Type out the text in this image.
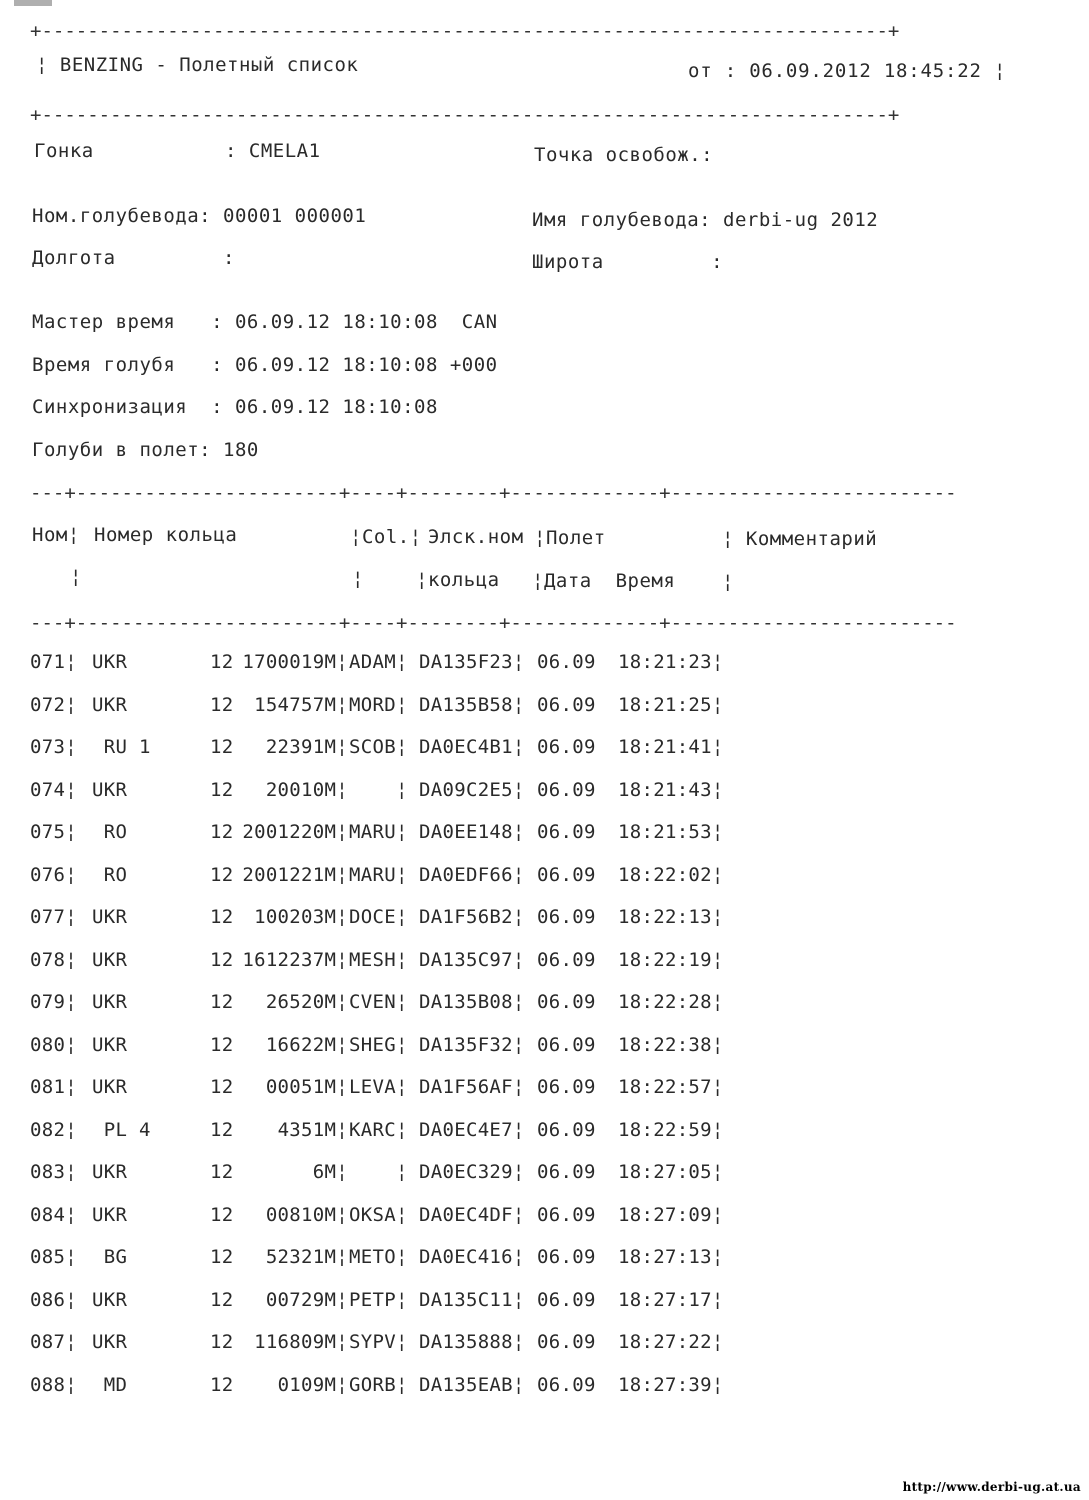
+--------------------------------------------------------------------------+
¦ BENZING - Полетный список	от : 06.09.2012 18:45:22 ¦
+--------------------------------------------------------------------------+
Гонка           : CMELA1	Точка освобож.:
Ном.голубевода: 00001 000001	Имя голубевода: derbi-ug 2012
Долгота         :	Широта         :
Мастер время   : 06.09.12 18:10:08  CAN
Время голубя   : 06.09.12 18:10:08 +000
Синхронизация  : 06.09.12 18:10:08
Голуби в полет: 180
---+-----------------------+----+--------+-------------+-------------------------
Ном¦ Номер кольца	¦Col.¦ Элск.ном ¦Полет	¦ Комментарий
¦	¦	¦кольца ¦Дата  Время ¦
---+-----------------------+----+--------+-------------+-------------------------
071¦ UKR	12 1700019M¦ ADAM¦ DA135F23¦ 06.09	18:21:23¦
072¦ UKR	12	154757M¦ MORD¦ DA135B58¦ 06.09	18:21:25¦
073¦ RU 1	12	22391M¦ SCOB¦ DA0EC4B1¦ 06.09	18:21:41¦
074¦ UKR	12	20010M¦ ¦ DA09C2E5¦ 06.09	18:21:43¦
075¦ RO	12 2001220M¦ MARU¦ DA0EE148¦ 06.09	18:21:53¦
076¦ RO	12 2001221M¦ MARU¦ DA0EDF66¦ 06.09	18:22:02¦
077¦ UKR	12	100203M¦ DOCE¦ DA1F56B2¦ 06.09	18:22:13¦
078¦ UKR	12 1612237M¦ MESH¦ DA135C97¦ 06.09	18:22:19¦
079¦ UKR	12	26520M¦ CVEN¦ DA135B08¦ 06.09	18:22:28¦
080¦ UKR	12	16622M¦ SHEG¦ DA135F32¦ 06.09	18:22:38¦
081¦ UKR	12	00051M¦ LEVA¦ DA1F56AF¦ 06.09	18:22:57¦
082¦ PL 4	12	4351M¦ KARC¦ DA0EC4E7¦ 06.09	18:22:59¦
083¦ UKR	12	6M¦ ¦ DA0EC329¦ 06.09	18:27:05¦
084¦ UKR	12	00810M¦ OKSA¦ DA0EC4DF¦ 06.09	18:27:09¦
085¦ BG	12	52321M¦ METO¦ DA0EC416¦ 06.09	18:27:13¦
086¦ UKR	12	00729M¦ PETP¦ DA135C11¦ 06.09	18:27:17¦
087¦ UKR	12	116809M¦ SYPV¦ DA135888¦ 06.09	18:27:22¦
088¦ MD	12	0109M¦ GORB¦ DA135EAB¦ 06.09	18:27:39¦
http://www.derbi-ug.at.ua
